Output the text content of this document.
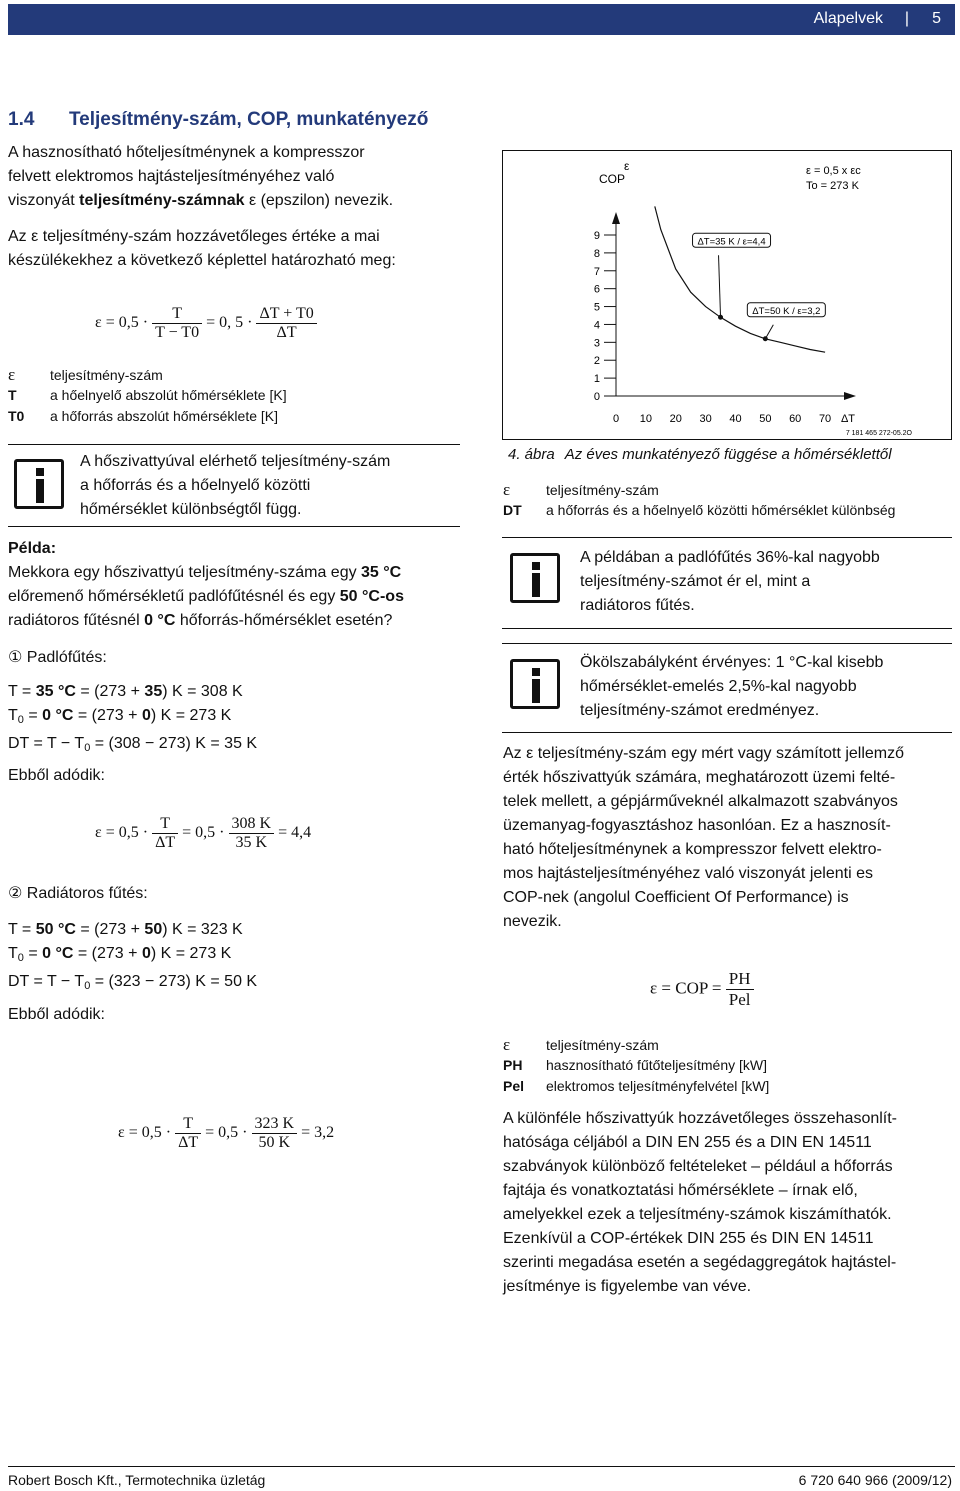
Alapelvek | 5
1.4 Teljesítmény-szám, COP, munkatényező
A hasznosítható hőteljesítménynek a kompresszor
felvett elektromos hajtásteljesítményéhez való
viszonyát teljesítmény-számnak ε (epszilon) nevezik.
Az ε teljesítmény-szám hozzávetőleges értéke a mai
készülékekhez a következő képlettel határozható meg:
$\varepsilon = 0,5 \cdot \frac{T}{T - T0} = 0$, $5 \cdot \frac{\Delta T + T0}{\Delta T}$
ε teljesítmény-szám
T a hőelnyelő abszolút hőmérséklete [K]
T0 a hőforrás abszolút hőmérséklete [K]
A hőszivattyúval elérhető teljesítmény-szám
a hőforrás és a hőelnyelő közötti
hőmérséklet különbségtől függ.
Példa:
Mekkora egy hőszivattyú teljesítmény-száma egy 35 °C
előremenő hőmérsékletű padlófűtésnél és egy 50 °C-os
radiátoros fűtésnél 0 °C hőforrás-hőmérséklet esetén?
① Padlófűtés:
T = 35 °C = (273 + 35) K = 308 K
$T_0 = 0$ °C = (273 + 0) K = 273 K
DT = $T - T_0 = (308 - 273) K = 35$ K
Ebből adódik:
$\varepsilon = 0,5 \cdot \frac{T}{\Delta T} = 0,5 \cdot \frac{308 K}{35 K} = 4,4$
② Radiátoros fűtés:
T = 50 °C = (273 + 50) K = 323 K
$T_0 = 0$ °C = (273 + 0) K = 273 K
DT = $T - T_0 = (323 - 273) K = 50$ K
Ebből adódik:
$\varepsilon = 0,5 \cdot \frac{T}{\Delta T} = 0,5 \cdot \frac{323 K}{50 K} = 3,2$
ε
COP
ε = 0,5 x εc
To = 273 K
0
1
2
3
4
5
6
7
8
9
0 10 20 30 40 50 60 70 ΔT
ΔT=35 K / ε=4,4
ΔT=50 K / ε=3,2
7 181 465 272-05.2O
4. ábra Az éves munkatényező függése a hőmérséklettől
ε	teljesítmény-szám
DT a hőforrás és a hőelnyelő közötti hőmérséklet különbség
A példában a padlófűtés 36%-kal nagyobb
teljesítmény-számot ér el, mint a
radiátoros fűtés.
Ökölszabályként érvényes: 1 °C-kal kisebb
hőmérséklet-emelés 2,5%-kal nagyobb
teljesítmény-számot eredményez.
Az ε teljesítmény-szám egy mért vagy számított jellemző
érték hőszivattyúk számára, meghatározott üzemi felté-
telek mellett, a gépjárműveknél alkalmazott szabványos
üzemanyag-fogyasztáshoz hasonlóan. Ez a hasznosít-
ható hőteljesítménynek a kompresszor felvett elektro-
mos hajtásteljesítményéhez való viszonyát jelenti es
COP-nek (angolul Coefficient Of Performance) is
nevezik.
ε = COP = $\frac{PH}{\text{Pel}}$
ε	teljesítmény-szám
PH hasznosítható fűtőteljesítmény [kW]
Pel elektromos teljesítményfelvétel [kW]
A különféle hőszivattyúk hozzávetőleges összehasonlít-
hatósága céljából a DIN EN 255 és a DIN EN 14511
szabványok különböző feltételeket – például a hőforrás
fajtája és vonatkoztatási hőmérséklete – írnak elő,
amelyekkel ezek a teljesítmény-számok kiszámíthatók.
Ezenkívül a COP-értékek DIN 255 és DIN EN 14511
szerinti megadása esetén a segédaggregátok hajtástel-
jesítménye is figyelembe van véve.
Robert Bosch Kft., Termotechnika üzletág	6 720 640 966 (2009/12)
